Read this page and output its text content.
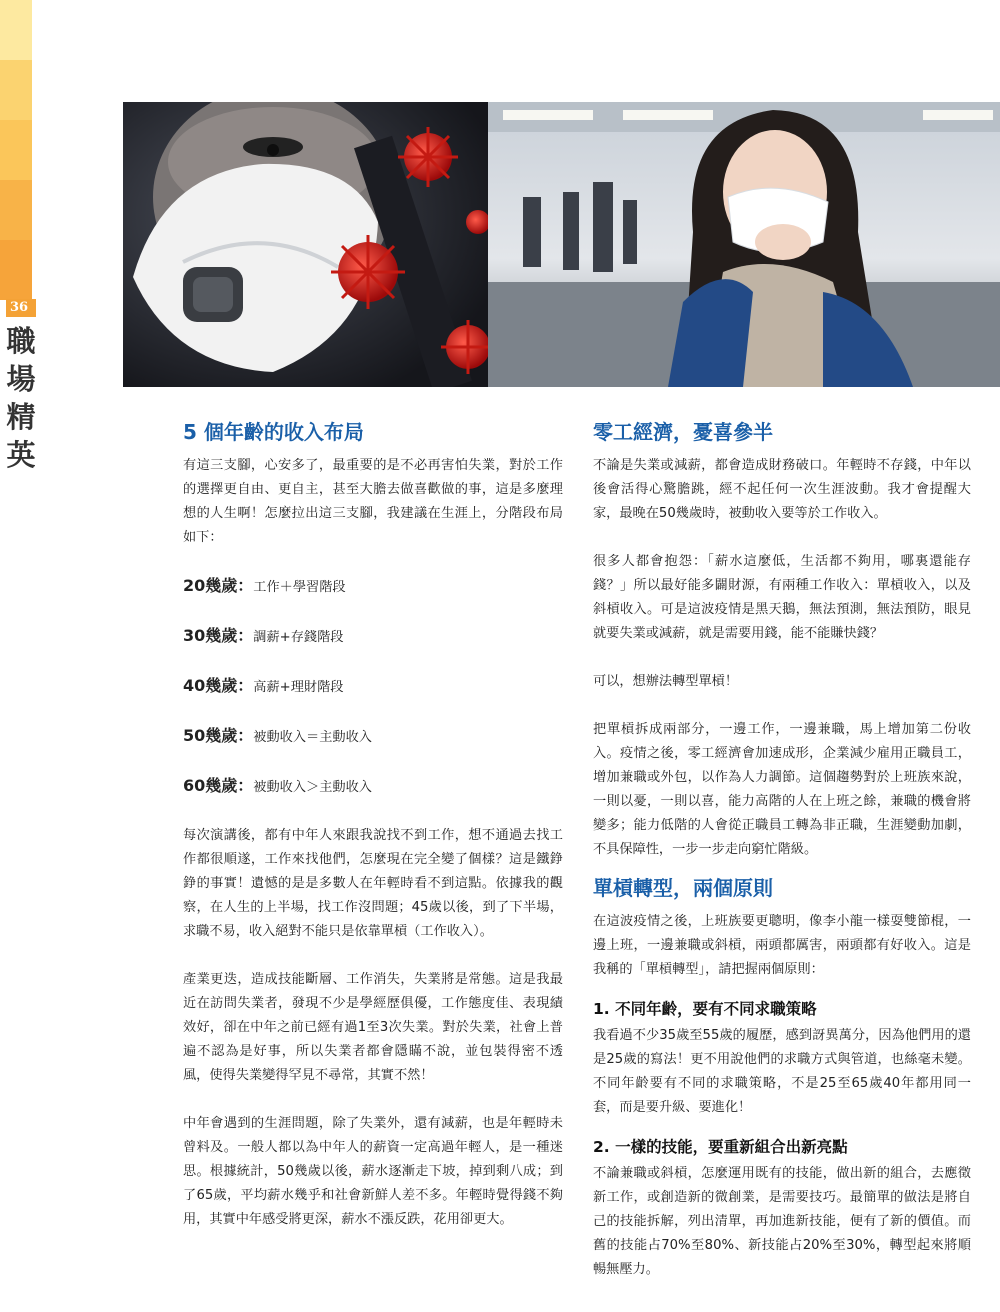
36
職場精英
5 個年齡的收入布局

有這三支腳，心安多了，最重要的是不必再害怕失業，對於工作的選擇更自由、更自主，甚至大膽去做喜歡做的事，這是多麼理想的人生啊！怎麼拉出這三支腳，我建議在生涯上，分階段布局如下：

20幾歲：工作＋學習階段
30幾歲：調薪+存錢階段
40幾歲：高薪+理財階段
50幾歲：被動收入＝主動收入
60幾歲：被動收入＞主動收入

每次演講後，都有中年人來跟我說找不到工作，想不通過去找工作都很順遂，工作來找他們，怎麼現在完全變了個樣？這是鐵錚錚的事實！遺憾的是是多數人在年輕時看不到這點。依據我的觀察，在人生的上半場，找工作沒問題；45歲以後，到了下半場，求職不易，收入絕對不能只是依靠單槓（工作收入）。

產業更迭，造成技能斷層、工作消失，失業將是常態。這是我最近在訪問失業者，發現不少是學經歷俱優，工作態度佳、表現績效好，卻在中年之前已經有過1至3次失業。對於失業，社會上普遍不認為是好事，所以失業者都會隱瞞不說，並包裝得密不透風，使得失業變得罕見不尋常，其實不然！

中年會遇到的生涯問題，除了失業外，還有減薪，也是年輕時未曾料及。一般人都以為中年人的薪資一定高過年輕人，是一種迷思。根據統計，50幾歲以後，薪水逐漸走下坡，掉到剩八成；到了65歲，平均薪水幾乎和社會新鮮人差不多。年輕時覺得錢不夠用，其實中年感受將更深，薪水不漲反跌，花用卻更大。

零工經濟，憂喜參半

不論是失業或減薪，都會造成財務破口。年輕時不存錢，中年以後會活得心驚膽跳，經不起任何一次生涯波動。我才會提醒大家，最晚在50幾歲時，被動收入要等於工作收入。

很多人都會抱怨：「薪水這麼低，生活都不夠用，哪裏還能存錢？」所以最好能多闢財源，有兩種工作收入：單槓收入，以及斜槓收入。可是這波疫情是黑天鵝，無法預測，無法預防，眼見就要失業或減薪，就是需要用錢，能不能賺快錢？

可以，想辦法轉型單槓！

把單槓拆成兩部分，一邊工作，一邊兼職，馬上增加第二份收入。疫情之後，零工經濟會加速成形，企業減少雇用正職員工，增加兼職或外包，以作為人力調節。這個趨勢對於上班族來說，一則以憂，一則以喜，能力高階的人在上班之餘，兼職的機會將變多；能力低階的人會從正職員工轉為非正職，生涯變動加劇，不具保障性，一步一步走向窮忙階級。

單槓轉型，兩個原則

在這波疫情之後，上班族要更聰明，像李小龍一樣耍雙節棍，一邊上班，一邊兼職或斜槓，兩頭都厲害，兩頭都有好收入。這是我稱的「單槓轉型」，請把握兩個原則：

1. 不同年齡，要有不同求職策略

我看過不少35歲至55歲的履歷，感到訝異萬分，因為他們用的還是25歲的寫法！更不用說他們的求職方式與管道，也絲毫未變。不同年齡要有不同的求職策略，不是25至65歲40年都用同一套，而是要升級、要進化！

2. 一樣的技能，要重新組合出新亮點

不論兼職或斜槓，怎麼運用既有的技能，做出新的組合，去應徵新工作，或創造新的微創業，是需要技巧。最簡單的做法是將自己的技能拆解，列出清單，再加進新技能，便有了新的價值。而舊的技能占70%至80%、新技能占20%至30%，轉型起來將順暢無壓力。
